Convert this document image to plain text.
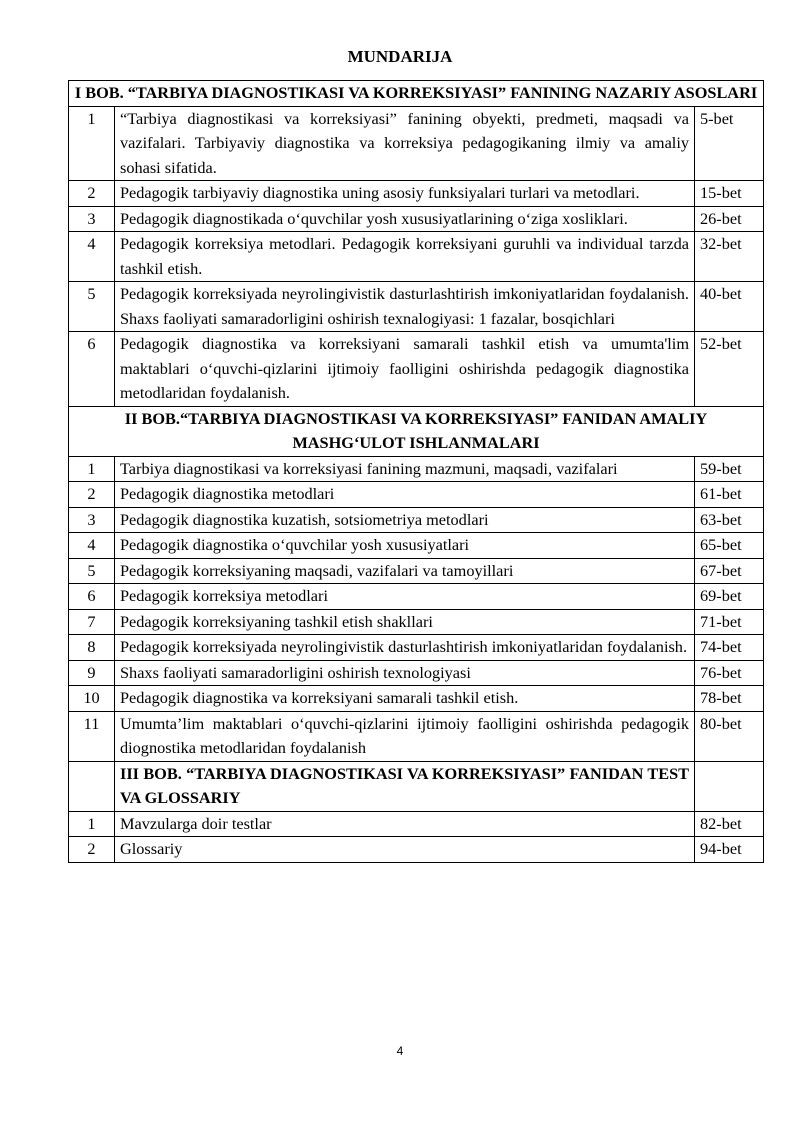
MUNDARIJA
I BOB. “TARBIYA DIAGNOSTIKASI VA KORREKSIYASI” FANINING NAZARIY ASOSLARI		
1	“Tarbiya diagnostikasi va korreksiyasi” fanining obyekti, predmeti, maqsadi va vazifalari. Tarbiyaviy diagnostika va korreksiya pedagogikaning ilmiy va amaliy sohasi sifatida.	5-bet
2	Pedagogik tarbiyaviy diagnostika uning asosiy funksiyalari turlari va metodlari.	15-bet
3	Pedagogik diagnostikada o‘quvchilar yosh xususiyatlarining o‘ziga xosliklari.	26-bet
4	Pedagogik korreksiya metodlari. Pedagogik korreksiyani guruhli va individual tarzda tashkil etish.	32-bet
5	Pedagogik korreksiyada neyrolingivistik dasturlashtirish imkoniyatlaridan foydalanish. Shaxs faoliyati samaradorligini oshirish texnalogiyasi: 1 fazalar, bosqichlari	40-bet
6	Pedagogik diagnostika va korreksiyani samarali tashkil etish va umumta'lim maktablari o‘quvchi-qizlarini ijtimoiy faolligini oshirishda pedagogik diagnostika metodlaridan foydalanish.	52-bet
II BOB.“TARBIYA DIAGNOSTIKASI VA KORREKSIYASI” FANIDAN AMALIY MASHG‘ULOT ISHLANMALARI		
1	Tarbiya diagnostikasi va korreksiyasi fanining mazmuni, maqsadi, vazifalari	59-bet
2	Pedagogik diagnostika metodlari	61-bet
3	Pedagogik diagnostika kuzatish, sotsiometriya metodlari	63-bet
4	Pedagogik diagnostika o‘quvchilar yosh xususiyatlari	65-bet
5	Pedagogik korreksiyaning maqsadi, vazifalari va tamoyillari	67-bet
6	Pedagogik korreksiya metodlari	69-bet
7	Pedagogik korreksiyaning tashkil etish shakllari	71-bet
8	Pedagogik korreksiyada neyrolingivistik dasturlashtirish imkoniyatlaridan foydalanish.	74-bet
9	Shaxs faoliyati samaradorligini oshirish texnologiyasi	76-bet
10	Pedagogik diagnostika va korreksiyani samarali tashkil etish.	78-bet
11	Umumta’lim maktablari o‘quvchi-qizlarini ijtimoiy faolligini oshirishda pedagogik diognostika metodlaridan foydalanish	80-bet
	III BOB. “TARBIYA DIAGNOSTIKASI VA KORREKSIYASI” FANIDAN TEST VA GLOSSARIY	
1	Mavzularga doir testlar	82-bet
2	Glossariy	94-bet
4
